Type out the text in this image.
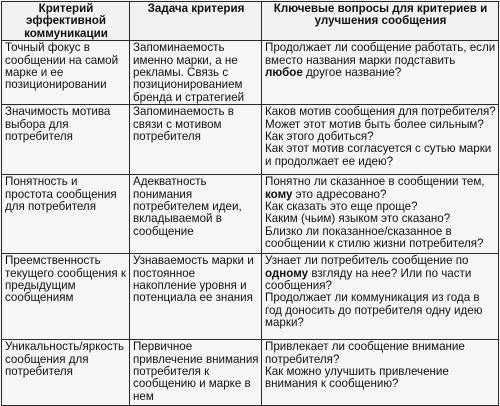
Критерий эффективной коммуникации	Задача критерия	Ключевые вопросы для критериев и улучшения сообщения
Точный фокус в сообщении на самой марке и ее позиционировании	Запоминаемость именно марки, а не рекламы. Связь с позиционированием бренда и стратегией	Продолжает ли сообщение работать, если вместо названия марки подставить любое другое название?

Значимость мотива выбора для потребителя	Запоминаемость в связи с мотивом потребителя	Каков мотив сообщения для потребителя?
Может этот мотив быть более сильным?
Как этого добиться?
Как этот мотив согласуется с сутью марки и продолжает ее идею?

Понятность и простота сообщения для потребителя	Адекватность понимания потребителем идеи, вкладываемой в сообщение	Понятно ли сказанное в сообщении тем, кому это адресовано?
Как сказать это еще проще?
Каким (чьим) языком это сказано?
Близко ли показанное/сказанное в сообщении к стилю жизни потребителя?

Преемственность текущего сообщения к предыдущим сообщениям	Узнаваемость марки и постоянное накопление уровня и потенциала ее знания	Узнает ли потребитель сообщение по одному взгляду на нее? Или по части сообщения?
Продолжает ли коммуникация из года в год доносить до потребителя одну идею марки?

Уникальность/яркость сообщения для потребителя	Первичное привлечение внимания потребителя к сообщению и марке в нем	Привлекает ли сообщение внимание потребителя?
Как можно улучшить привлечение внимания к сообщению?
